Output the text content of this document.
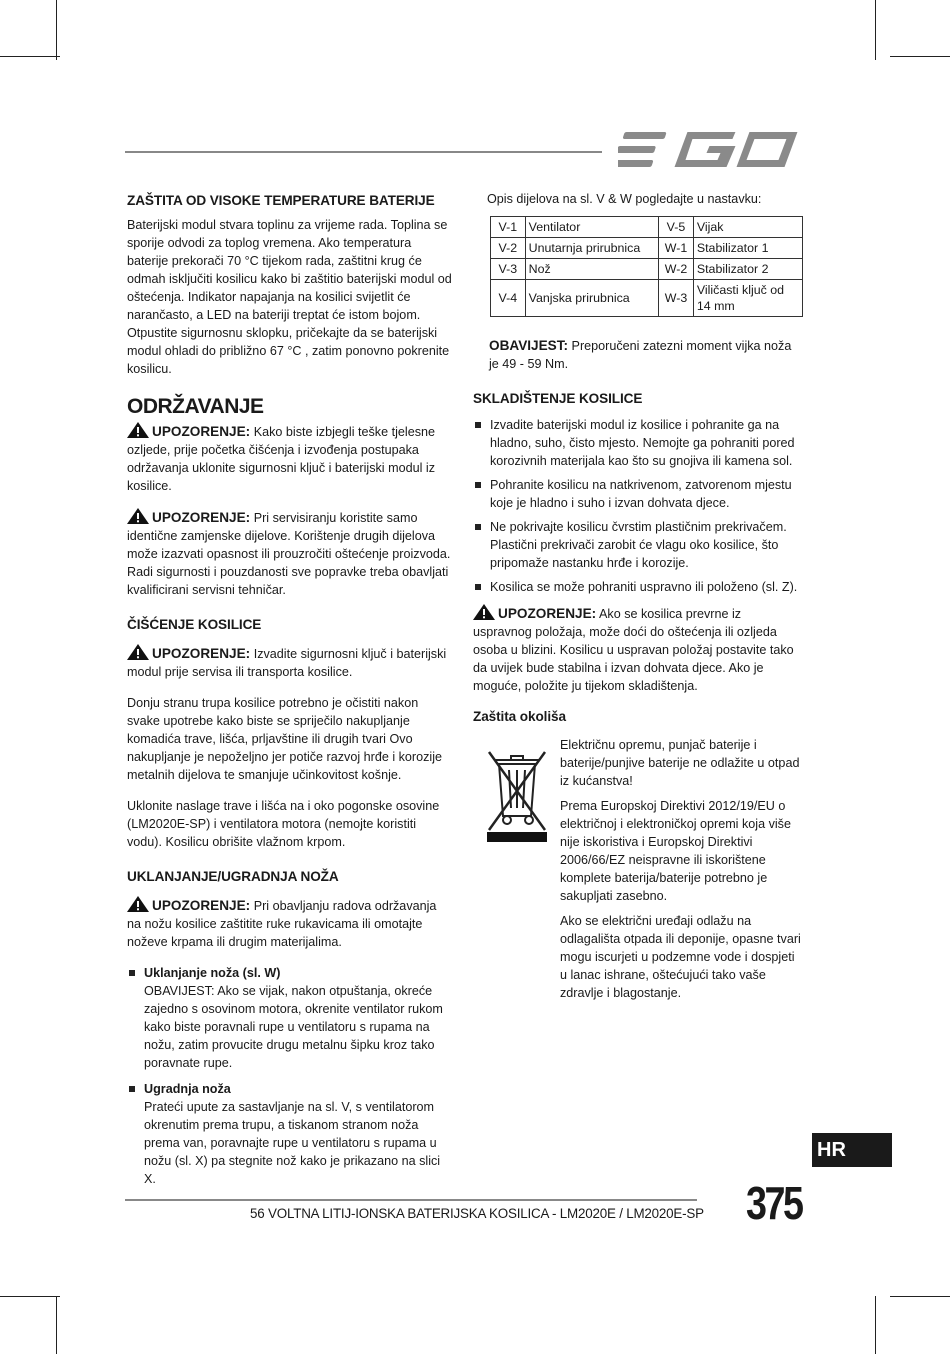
ZAŠTITA OD VISOKE TEMPERATURE BATERIJE

Baterijski modul stvara toplinu za vrijeme rada. Toplina se sporije odvodi za toplog vremena. Ako temperatura baterije prekorači 70 °C tijekom rada, zaštitni krug će odmah isključiti kosilicu kako bi zaštitio baterijski modul od oštećenja. Indikator napajanja na kosilici svijetlit će narančasto, a LED na bateriji treptat će istom bojom. Otpustite sigurnosnu sklopku, pričekajte da se baterijski modul ohladi do približno 67 °C , zatim ponovno pokrenite kosilicu.

ODRŽAVANJE

UPOZORENJE: Kako biste izbjegli teške tjelesne ozljede, prije početka čišćenja i izvođenja postupaka održavanja uklonite sigurnosni ključ i baterijski modul iz kosilice.

UPOZORENJE: Pri servisiranju koristite samo identične zamjenske dijelove. Korištenje drugih dijelova može izazvati opasnost ili prouzročiti oštećenje proizvoda. Radi sigurnosti i pouzdanosti sve popravke treba obavljati kvalificirani servisni tehničar.

ČIŠĆENJE KOSILICE

UPOZORENJE: Izvadite sigurnosni ključ i baterijski modul prije servisa ili transporta kosilice.

Donju stranu trupa kosilice potrebno je očistiti nakon svake upotrebe kako biste se spriječilo nakupljanje komadića trave, lišća, prljavštine ili drugih tvari Ovo nakupljanje je nepoželjno jer potiče razvoj hrđe i korozije metalnih dijelova te smanjuje učinkovitost košnje.

Uklonite naslage trave i lišća na i oko pogonske osovine (LM2020E-SP) i ventilatora motora (nemojte koristiti vodu). Kosilicu obrišite vlažnom krpom.

UKLANJANJE/UGRADNJA NOŽA

UPOZORENJE: Pri obavljanju radova održavanja na nožu kosilice zaštitite ruke rukavicama ili omotajte noževe krpama ili drugim materijalima.

Uklanjanje noža (sl. W)
OBAVIJEST: Ako se vijak, nakon otpuštanja, okreće zajedno s osovinom motora, okrenite ventilator rukom kako biste poravnali rupe u ventilatoru s rupama na nožu, zatim provucite drugu metalnu šipku kroz tako poravnate rupe.
Ugradnja noža
Prateći upute za sastavljanje na sl. V, s ventilatorom okrenutim prema trupu, a tiskanom stranom noža prema van, poravnajte rupe u ventilatoru s rupama u nožu (sl. X) pa stegnite nož kako je prikazano na slici X.
Opis dijelova na sl. V & W pogledajte u nastavku:
V-1	Ventilator	V-5	Vijak
V-2	Unutarnja prirubnica	W-1	Stabilizator 1
V-3	Nož	W-2	Stabilizator 2
V-4	Vanjska prirubnica	W-3	Viličasti ključ od 14 mm

OBAVIJEST: Preporučeni zatezni moment vijka noža je 49 - 59 Nm.

SKLADIŠTENJE KOSILICE
Izvadite baterijski modul iz kosilice i pohranite ga na hladno, suho, čisto mjesto. Nemojte ga pohraniti pored korozivnih materijala kao što su gnojiva ili kamena sol.
Pohranite kosilicu na natkrivenom, zatvorenom mjestu koje je hladno i suho i izvan dohvata djece.
Ne pokrivajte kosilicu čvrstim plastičnim prekrivačem. Plastični prekrivači zarobit će vlagu oko kosilice, što pripomaže nastanku hrđe i korozije.
Kosilica se može pohraniti uspravno ili položeno (sl. Z).

UPOZORENJE: Ako se kosilica prevrne iz uspravnog položaja, može doći do oštećenja ili ozljeda osoba u blizini. Kosilicu u uspravan položaj postavite tako da uvijek bude stabilna i izvan dohvata djece. Ako je moguće, položite ju tijekom skladištenja.

Zaštita okoliša

Električnu opremu, punjač baterije i baterije/punjive baterije ne odlažite u otpad iz kućanstva!

Prema Europskoj Direktivi 2012/19/EU o električnoj i elektroničkoj opremi koja više nije iskoristiva i Europskoj Direktivi 2006/66/EZ neispravne ili iskorištene komplete baterija/baterije potrebno je sakupljati zasebno.

Ako se električni uređaji odlažu na odlagališta otpada ili deponije, opasne tvari mogu iscurjeti u podzemne vode i dospjeti u lanac ishrane, oštećujući tako vaše zdravlje i blagostanje.

HR
56 VOLTNA LITIJ-IONSKA BATERIJSKA KOSILICA - LM2020E / LM2020E-SP 375
